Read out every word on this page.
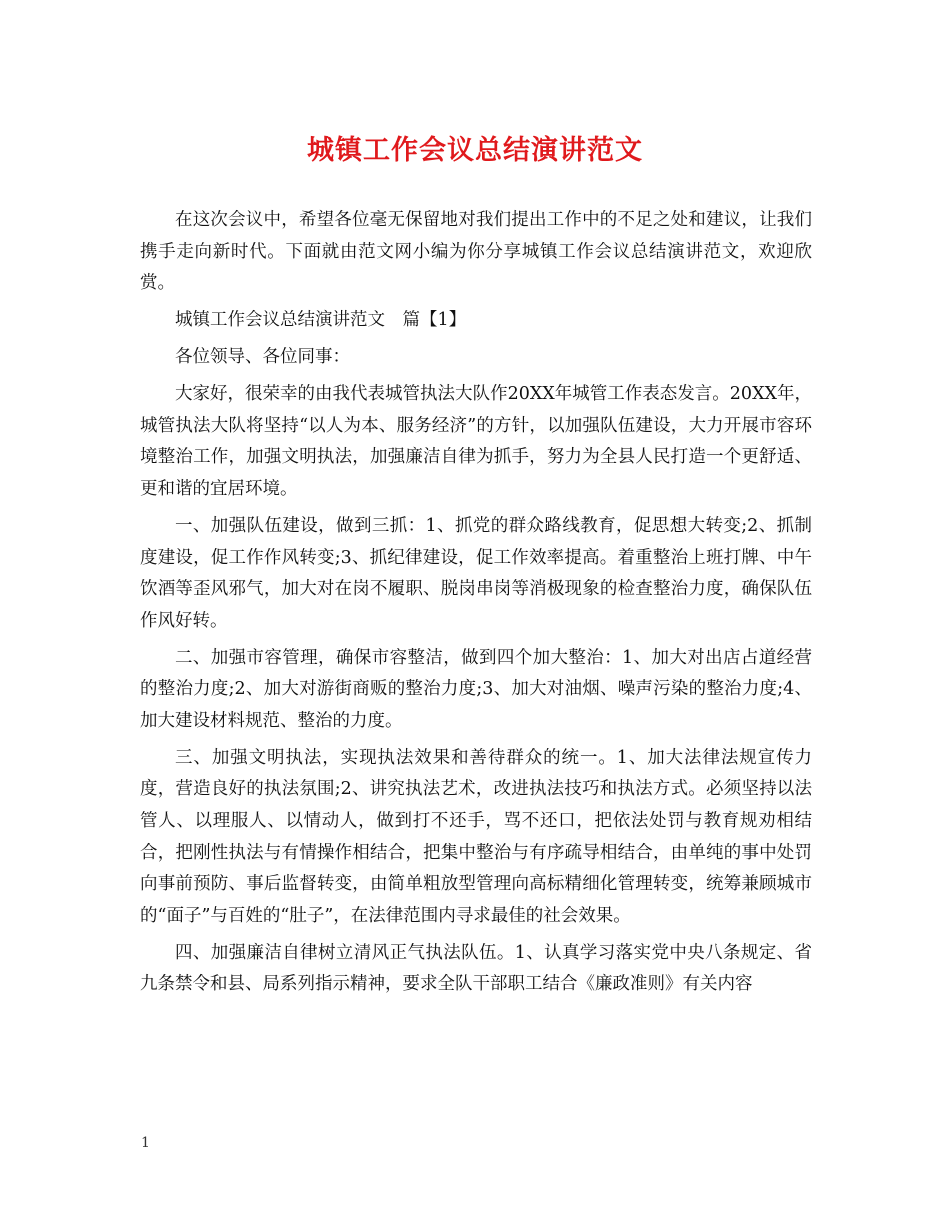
城镇工作会议总结演讲范文

在这次会议中，希望各位毫无保留地对我们提出工作中的不足之处和建议，让我们携手走向新时代。下面就由范文网小编为你分享城镇工作会议总结演讲范文，欢迎欣赏。

城镇工作会议总结演讲范文　篇【1】

各位领导、各位同事：

大家好，很荣幸的由我代表城管执法大队作20XX年城管工作表态发言。20XX年，城管执法大队将坚持“以人为本、服务经济”的方针，以加强队伍建设，大力开展市容环境整治工作，加强文明执法，加强廉洁自律为抓手，努力为全县人民打造一个更舒适、更和谐的宜居环境。

一、加强队伍建设，做到三抓：1、抓党的群众路线教育，促思想大转变;2、抓制度建设，促工作作风转变;3、抓纪律建设，促工作效率提高。着重整治上班打牌、中午饮酒等歪风邪气，加大对在岗不履职、脱岗串岗等消极现象的检查整治力度，确保队伍作风好转。

二、加强市容管理，确保市容整洁，做到四个加大整治：1、加大对出店占道经营的整治力度;2、加大对游街商贩的整治力度;3、加大对油烟、噪声污染的整治力度;4、加大建设材料规范、整治的力度。

三、加强文明执法，实现执法效果和善待群众的统一。1、加大法律法规宣传力度，营造良好的执法氛围;2、讲究执法艺术，改进执法技巧和执法方式。必须坚持以法管人、以理服人、以情动人，做到打不还手，骂不还口，把依法处罚与教育规劝相结合，把刚性执法与有情操作相结合，把集中整治与有序疏导相结合，由单纯的事中处罚向事前预防、事后监督转变，由简单粗放型管理向高标精细化管理转变，统筹兼顾城市的“面子”与百姓的“肚子”，在法律范围内寻求最佳的社会效果。

四、加强廉洁自律树立清风正气执法队伍。1、认真学习落实党中央八条规定、省九条禁令和县、局系列指示精神，要求全队干部职工结合《廉政准则》有关内容

1
